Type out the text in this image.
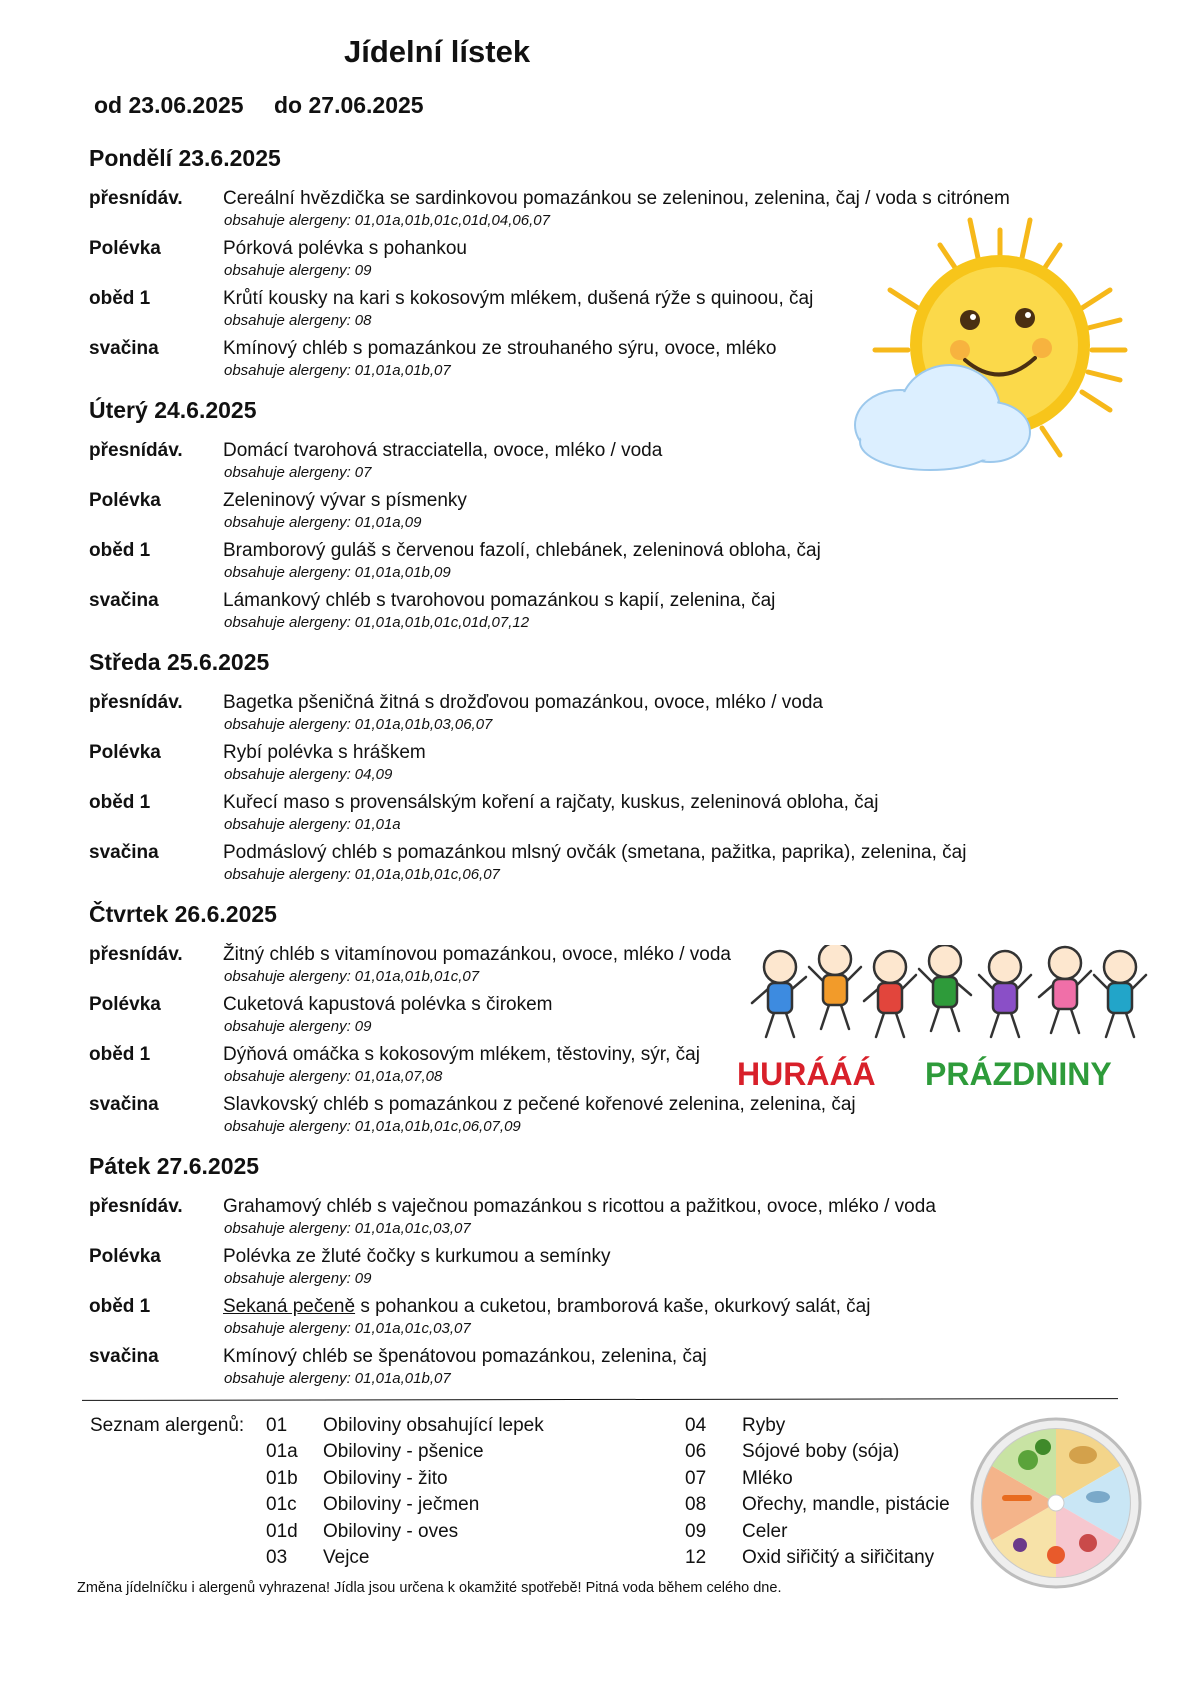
Jídelní lístek
od 23.06.2025 do 27.06.2025
Pondělí 23.6.2025
přesnídáv. Cereální hvězdička se sardinkovou pomazánkou se zeleninou, zelenina, čaj / voda s citrónem
obsahuje alergeny: 01,01a,01b,01c,01d,04,06,07
Polévka	Pórková polévka s pohankou
obsahuje alergeny: 09
oběd 1	Krůtí kousky na kari s kokosovým mlékem, dušená rýže s quinoou, čaj
obsahuje alergeny: 08
svačina	Kmínový chléb s pomazánkou ze strouhaného sýru, ovoce, mléko
obsahuje alergeny: 01,01a,01b,07
Úterý 24.6.2025
přesnídáv. Domácí tvarohová stracciatella, ovoce, mléko / voda
obsahuje alergeny: 07
Polévka	Zeleninový vývar s písmenky
obsahuje alergeny: 01,01a,09
oběd 1	Bramborový guláš s červenou fazolí, chlebánek, zeleninová obloha, čaj
obsahuje alergeny: 01,01a,01b,09
svačina	Lámankový chléb s tvarohovou pomazánkou s kapií, zelenina, čaj
obsahuje alergeny: 01,01a,01b,01c,01d,07,12
Středa 25.6.2025
přesnídáv. Bagetka pšeničná žitná s drožďovou pomazánkou, ovoce, mléko / voda
obsahuje alergeny: 01,01a,01b,03,06,07
Polévka	Rybí polévka s hráškem
obsahuje alergeny: 04,09
oběd 1	Kuřecí maso s provensálským koření a rajčaty, kuskus, zeleninová obloha, čaj
obsahuje alergeny: 01,01a
svačina	Podmáslový chléb s pomazánkou mlsný ovčák (smetana, pažitka, paprika), zelenina, čaj
obsahuje alergeny: 01,01a,01b,01c,06,07
Čtvrtek 26.6.2025
přesnídáv. Žitný chléb s vitamínovou pomazánkou, ovoce, mléko / voda
obsahuje alergeny: 01,01a,01b,01c,07
Polévka	Cuketová kapustová polévka s čirokem
obsahuje alergeny: 09
oběd 1	Dýňová omáčka s kokosovým mlékem, těstoviny, sýr, čaj
obsahuje alergeny: 01,01a,07,08
svačina	Slavkovský chléb s pomazánkou z pečené kořenové zelenina, zelenina, čaj
obsahuje alergeny: 01,01a,01b,01c,06,07,09
Pátek 27.6.2025
přesnídáv. Grahamový chléb s vaječnou pomazánkou s ricottou a pažitkou, ovoce, mléko / voda
obsahuje alergeny: 01,01a,01c,03,07
Polévka	Polévka ze žluté čočky s kurkumou a semínky
obsahuje alergeny: 09
oběd 1	Sekaná pečeně s pohankou a cuketou, bramborová kaše, okurkový salát, čaj
obsahuje alergeny: 01,01a,01c,03,07
svačina	Kmínový chléb se špenátovou pomazánkou, zelenina, čaj
obsahuje alergeny: 01,01a,01b,07
HURÁÁÁ PRÁZDNINY
Seznam alergenů: 01 Obiloviny obsahující lepek
01a Obiloviny - pšenice
01b Obiloviny - žito
01c Obiloviny - ječmen
01d Obiloviny - oves
03 Vejce
04 Ryby
06 Sójové boby (sója)
07 Mléko
08 Ořechy, mandle, pistácie
09 Celer
12 Oxid siřičitý a siřičitany
Změna jídelníčku i alergenů vyhrazena! Jídla jsou určena k okamžité spotřebě! Pitná voda během celého dne.
